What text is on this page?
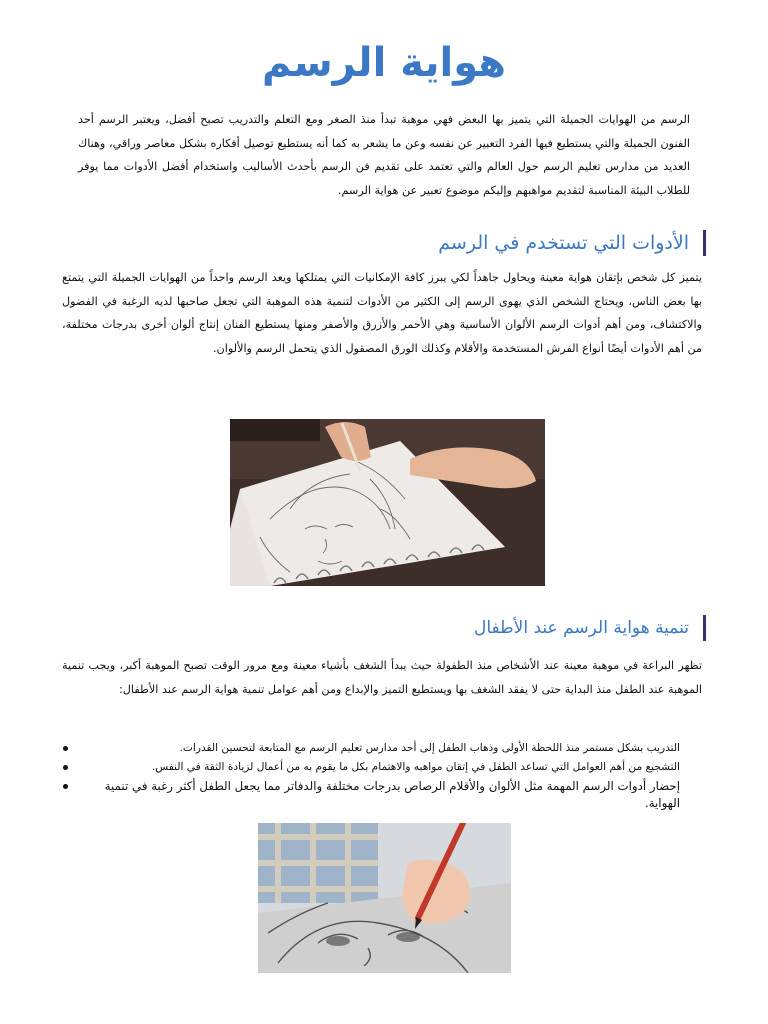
هواية الرسم

الرسم من الهوايات الجميلة التي يتميز بها البعض فهي موهبة تبدأ منذ الصغر ومع التعلم والتدريب تصبح أفضل، ويعتبر الرسم أحد الفنون الجميلة والتي يستطيع فيها الفرد التعبير عن نفسه وعن ما يشعر به كما أنه يستطيع توصيل أفكاره بشكل معاصر وراقي، وهناك العديد من مدارس تعليم الرسم حول العالم والتي تعتمد على تقديم فن الرسم بأحدث الأساليب واستخدام أفضل الأدوات مما يوفر للطلاب البيئة المناسبة لتقديم مواهبهم وإليكم موضوع تعبير عن هواية الرسم.

الأدوات التي تستخدم في الرسم

يتميز كل شخص بإتقان هواية معينة ويحاول جاهداً لكي يبرز كافة الإمكانيات التي يمتلكها ويعد الرسم واحداً من الهوايات الجميلة التي يتمتع بها بعض الناس، ويحتاج الشخص الذي يهوى الرسم إلى الكثير من الأدوات لتنمية هذه الموهبة التي تجعل صاحبها لديه الرغبة في الفضول والاكتشاف، ومن أهم أدوات الرسم الألوان الأساسية وهي الأحمر والأزرق والأصفر ومنها يستطيع الفنان إنتاج ألوان أخرى بدرجات مختلفة، من أهم الأدوات أيضًا أنواع الفرش المستخدمة والأقلام وكذلك الورق المصقول الذي يتحمل الرسم والألوان.

تنمية هواية الرسم عند الأطفال

تظهر البراعة في موهبة معينة عند الأشخاص منذ الطفولة حيث يبدأ الشغف بأشياء معينة ومع مرور الوقت تصبح الموهبة أكبر، ويجب تنمية الموهبة عند الطفل منذ البداية حتى لا يفقد الشغف بها ويستطيع التميز والإبداع ومن أهم عوامل تنمية هواية الرسم عند الأطفال:

التدريب بشكل مستمر منذ اللحظة الأولى وذهاب الطفل إلى أحد مدارس تعليم الرسم مع المتابعة لتحسين القدرات.
التشجيع من أهم العوامل التي تساعد الطفل في إتقان مواهبه والاهتمام بكل ما يقوم به من أعمال لزيادة الثقة في النفس.
إحضار أدوات الرسم المهمة مثل الألوان والأقلام الرصاص بدرجات مختلفة والدفاتر مما يجعل الطفل أكثر رغبة في تنمية الهواية.
